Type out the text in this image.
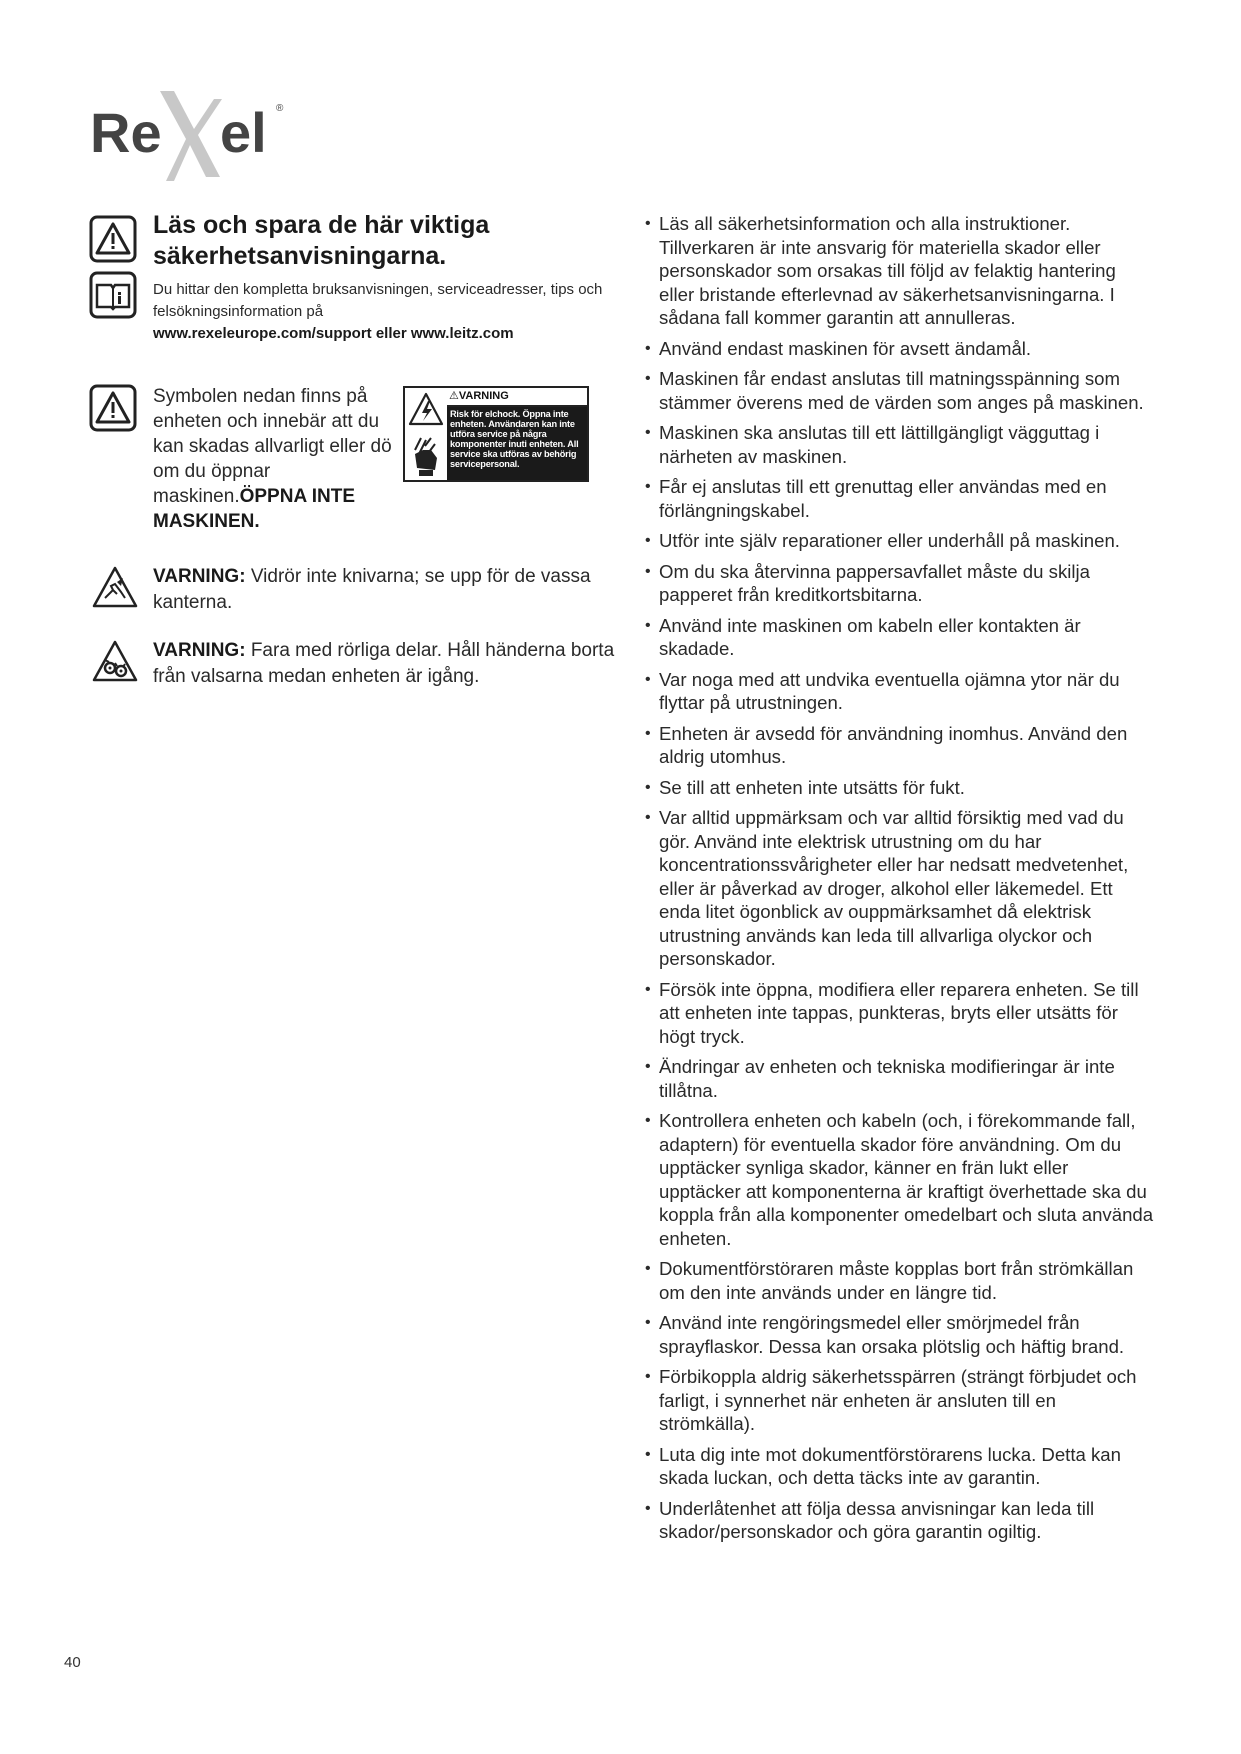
Re el ®
Läs och spara de här viktiga säkerhetsanvisningarna.
Du hittar den kompletta bruksanvisningen, serviceadresser, tips och felsökningsinformation på
www.rexeleurope.com/support eller www.leitz.com
Symbolen nedan finns på enheten och innebär att du kan skadas allvarligt eller dö om du öppnar maskinen.ÖPPNA INTE MASKINEN.
⚠VARNING
Risk för elchock. Öppna inte enheten. Användaren kan inte utföra service på några komponenter inuti enheten. All service ska utföras av behörig servicepersonal.
VARNING: Vidrör inte knivarna; se upp för de vassa kanterna.
VARNING: Fara med rörliga delar. Håll händerna borta från valsarna medan enheten är igång.
• Läs all säkerhetsinformation och alla instruktioner. Tillverkaren är inte ansvarig för materiella skador eller personskador som orsakas till följd av felaktig hantering eller bristande efterlevnad av säkerhetsanvisningarna. I sådana fall kommer garantin att annulleras.
• Använd endast maskinen för avsett ändamål.
• Maskinen får endast anslutas till matningsspänning som stämmer överens med de värden som anges på maskinen.
• Maskinen ska anslutas till ett lättillgängligt vägguttag i närheten av maskinen.
• Får ej anslutas till ett grenuttag eller användas med en förlängningskabel.
• Utför inte själv reparationer eller underhåll på maskinen.
• Om du ska återvinna pappersavfallet måste du skilja papperet från kreditkortsbitarna.
• Använd inte maskinen om kabeln eller kontakten är skadade.
• Var noga med att undvika eventuella ojämna ytor när du flyttar på utrustningen.
• Enheten är avsedd för användning inomhus. Använd den aldrig utomhus.
• Se till att enheten inte utsätts för fukt.
• Var alltid uppmärksam och var alltid försiktig med vad du gör. Använd inte elektrisk utrustning om du har koncentrationssvårigheter eller har nedsatt medvetenhet, eller är påverkad av droger, alkohol eller läkemedel. Ett enda litet ögonblick av ouppmärksamhet då elektrisk utrustning används kan leda till allvarliga olyckor och personskador.
• Försök inte öppna, modifiera eller reparera enheten. Se till att enheten inte tappas, punkteras, bryts eller utsätts för högt tryck.
• Ändringar av enheten och tekniska modifieringar är inte tillåtna.
• Kontrollera enheten och kabeln (och, i förekommande fall, adaptern) för eventuella skador före användning. Om du upptäcker synliga skador, känner en frän lukt eller upptäcker att komponenterna är kraftigt överhettade ska du koppla från alla komponenter omedelbart och sluta använda enheten.
• Dokumentförstöraren måste kopplas bort från strömkällan om den inte används under en längre tid.
• Använd inte rengöringsmedel eller smörjmedel från sprayflaskor. Dessa kan orsaka plötslig och häftig brand.
• Förbikoppla aldrig säkerhetsspärren (strängt förbjudet och farligt, i synnerhet när enheten är ansluten till en strömkälla).
• Luta dig inte mot dokumentförstörarens lucka. Detta kan skada luckan, och detta täcks inte av garantin.
• Underlåtenhet att följa dessa anvisningar kan leda till skador/personskador och göra garantin ogiltig.
40
